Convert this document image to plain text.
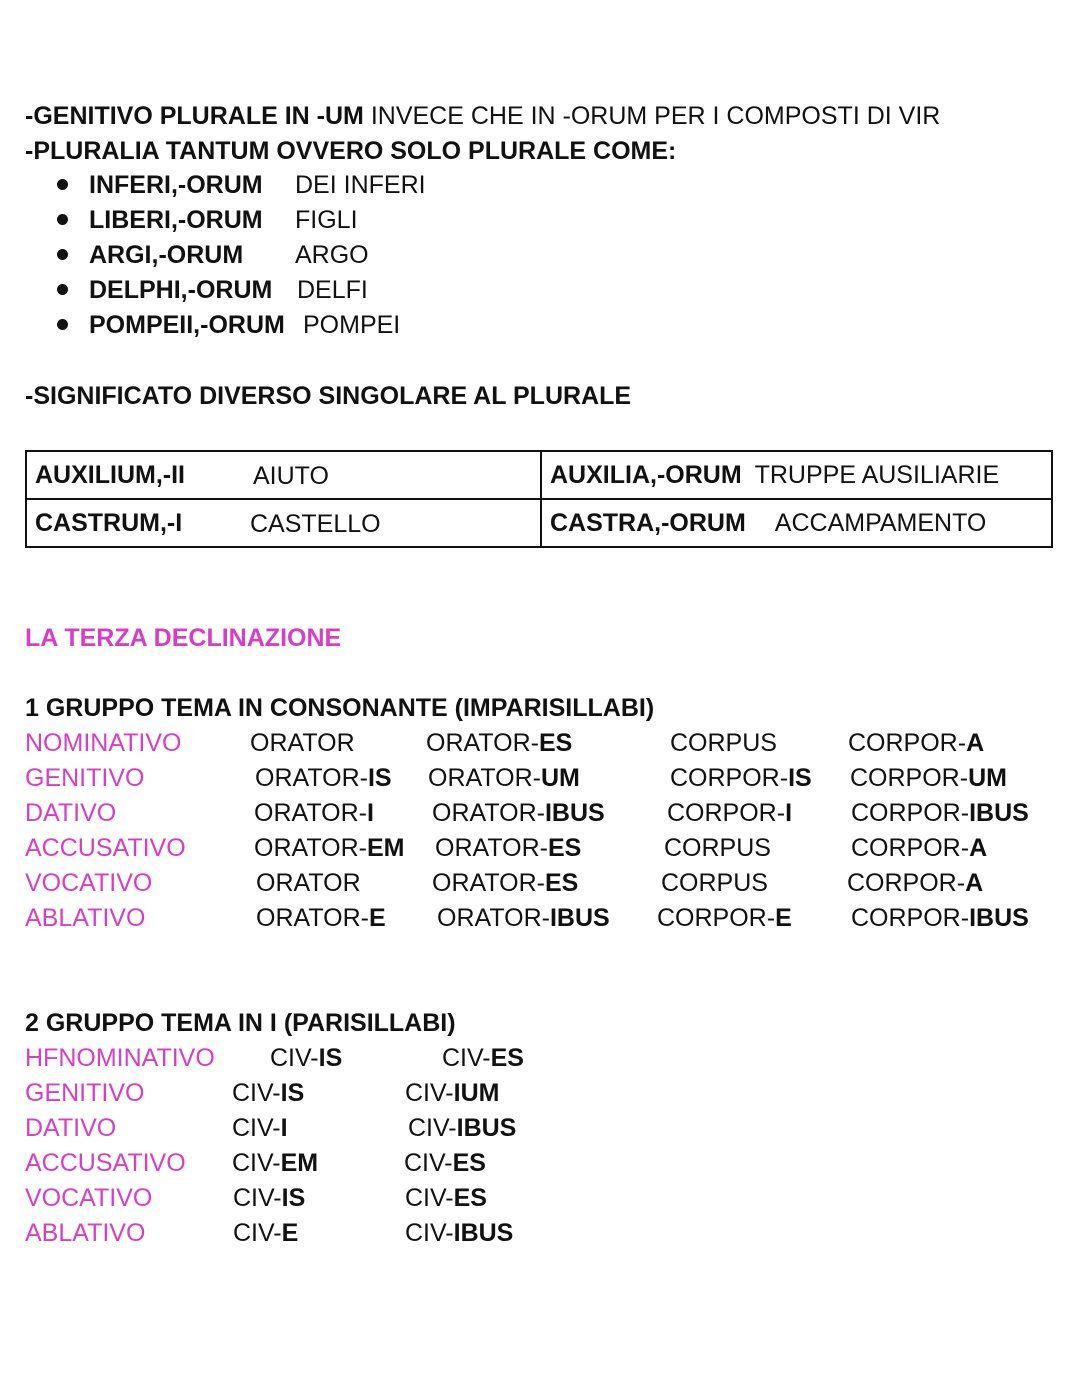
-GENITIVO PLURALE IN -UM INVECE CHE IN -ORUM PER I COMPOSTI DI VIR
-PLURALIA TANTUM OVVERO SOLO PLURALE COME:
INFERI,-ORUM DEI INFERI
LIBERI,-ORUM FIGLI
ARGI,-ORUM ARGO
DELPHI,-ORUM DELFI
POMPEII,-ORUM POMPEI
-SIGNIFICATO DIVERSO SINGOLARE AL PLURALE
AUXILIUM,-II AIUTO	AUXILIA,-ORUM TRUPPE AUSILIARIE
CASTRUM,-I CASTELLO	CASTRA,-ORUM ACCAMPAMENTO
LA TERZA DECLINAZIONE
1 GRUPPO TEMA IN CONSONANTE (IMPARISILLABI)
NOMINATIVO	ORATOR	ORATOR-ES	CORPUS	CORPOR-A
GENITIVO	ORATOR-IS ORATOR-UM	CORPOR-IS CORPOR-UM
DATIVO	ORATOR-I ORATOR-IBUS CORPOR-I CORPOR-IBUS
ACCUSATIVO	ORATOR-EM ORATOR-ES	CORPUS	CORPOR-A
VOCATIVO	ORATOR	ORATOR-ES	CORPUS	CORPOR-A
ABLATIVO	ORATOR-E ORATOR-IBUS CORPOR-E CORPOR-IBUS
2 GRUPPO TEMA IN I (PARISILLABI)
HFNOMINATIVO CIV-IS	CIV-ES
GENITIVO	CIV-IS	CIV-IUM
DATIVO	CIV-I	CIV-IBUS
ACCUSATIVO CIV-EM	CIV-ES
VOCATIVO	CIV-IS	CIV-ES
ABLATIVO	CIV-E	CIV-IBUS
